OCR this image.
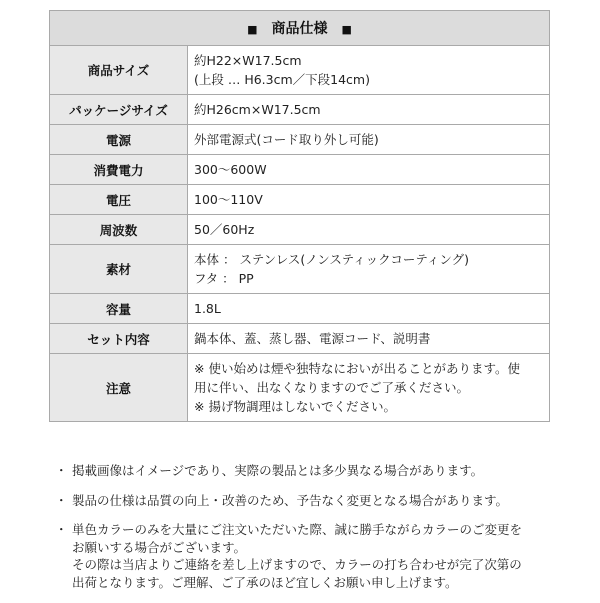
■ 商品仕様 ■	
商品サイズ	約H22×W17.5cm
(上段 … H6.3cm／下段14cm)

パッケージサイズ	約H26cm×W17.5cm

電源	外部電源式(コード取り外し可能)

消費電力	300～600W

電圧	100～110V

周波数	50／60Hz

素材	本体 ： ステンレス(ノンスティックコーティング)
フタ ： PP

容量	1.8L

セット内容	鍋本体、蓋、蒸し器、電源コード、説明書

注意	※ 使い始めは煙や独特なにおいが出ることがあります。使
用に伴い、出なくなりますのでご了承ください。
※ 揚げ物調理はしないでください。
・ 掲載画像はイメージであり、実際の製品とは多少異なる場合があります。
・ 製品の仕様は品質の向上・改善のため、予告なく変更となる場合があります。
・ 単色カラーのみを大量にご注文いただいた際、誠に勝手ながらカラーのご変更を
お願いする場合がございます。
その際は当店よりご連絡を差し上げますので、カラーの打ち合わせが完了次第の
出荷となります。ご理解、ご了承のほど宜しくお願い申し上げます。
